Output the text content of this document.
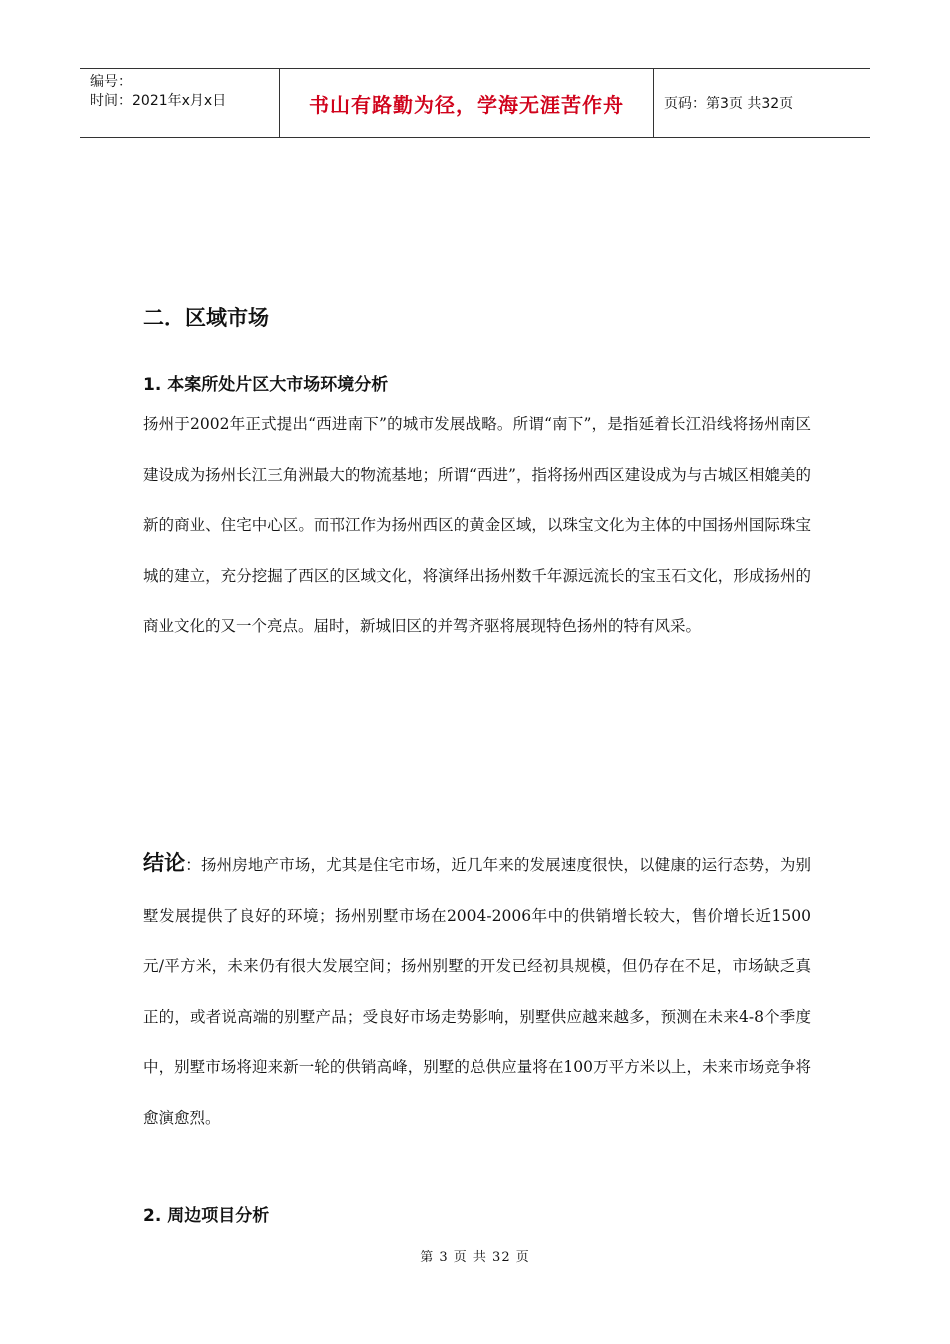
编号：
时间：2021年x月x日	书山有路勤为径，学海无涯苦作舟	页码：第3页 共32页
二．区域市场
1. 本案所处片区大市场环境分析
扬州于2002年正式提出“西进南下”的城市发展战略。所谓“南下”，是指延着长江沿线将扬州南区建设成为扬州长江三角洲最大的物流基地；所谓“西进”，指将扬州西区建设成为与古城区相媲美的新的商业、住宅中心区。而邗江作为扬州西区的黄金区域，以珠宝文化为主体的中国扬州国际珠宝城的建立，充分挖掘了西区的区域文化，将演绎出扬州数千年源远流长的宝玉石文化，形成扬州的商业文化的又一个亮点。届时，新城旧区的并驾齐驱将展现特色扬州的特有风采。
结论：扬州房地产市场，尤其是住宅市场，近几年来的发展速度很快，以健康的运行态势，为别墅发展提供了良好的环境；扬州别墅市场在2004-2006年中的供销增长较大，售价增长近1500元/平方米，未来仍有很大发展空间；扬州别墅的开发已经初具规模，但仍存在不足，市场缺乏真正的，或者说高端的别墅产品；受良好市场走势影响，别墅供应越来越多，预测在未来4-8个季度中，别墅市场将迎来新一轮的供销高峰，别墅的总供应量将在100万平方米以上，未来市场竞争将愈演愈烈。
2. 周边项目分析
第 3 页 共 32 页
